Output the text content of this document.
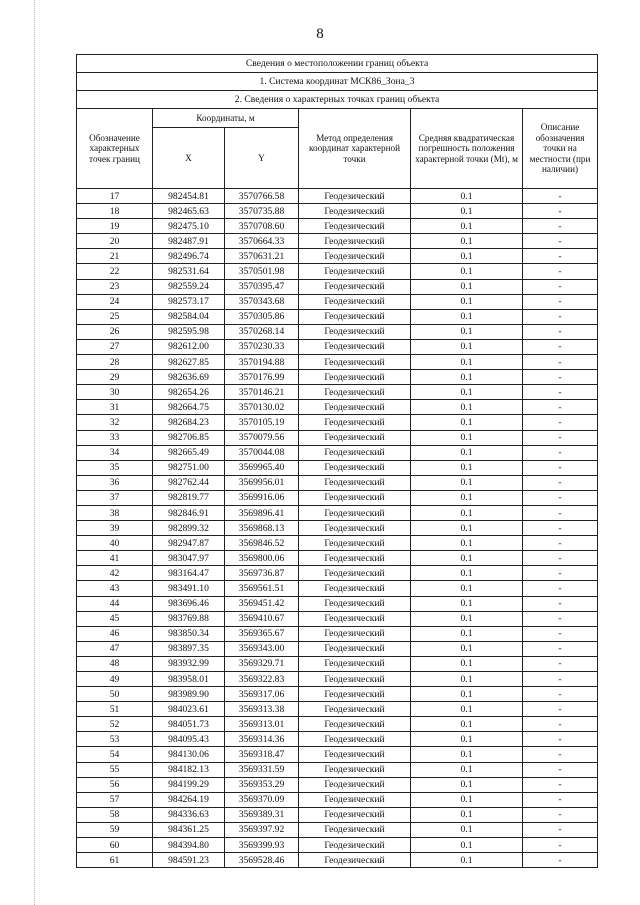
8
Сведения о местоположении границ объекта					
1. Система координат МСК86_Зона_3					
2. Сведения о характерных точках границ объекта					
Обозначение характерных точек границ	Координаты, м		Метод определения координат характерной точки	Средняя квадратическая погрешность положения характерной точки (Mt), м	Описание обозначения точки на местности (при наличии)
	X	Y			
17	982454.81	3570766.58	Геодезический	0.1	-
18	982465.63	3570735.88	Геодезический	0.1	-
19	982475.10	3570708.60	Геодезический	0.1	-
20	982487.91	3570664.33	Геодезический	0.1	-
21	982496.74	3570631.21	Геодезический	0.1	-
22	982531.64	3570501.98	Геодезический	0.1	-
23	982559.24	3570395.47	Геодезический	0.1	-
24	982573.17	3570343.68	Геодезический	0.1	-
25	982584.04	3570305.86	Геодезический	0.1	-
26	982595.98	3570268.14	Геодезический	0.1	-
27	982612.00	3570230.33	Геодезический	0.1	-
28	982627.85	3570194.88	Геодезический	0.1	-
29	982636.69	3570176.99	Геодезический	0.1	-
30	982654.26	3570146.21	Геодезический	0.1	-
31	982664.75	3570130.02	Геодезический	0.1	-
32	982684.23	3570105.19	Геодезический	0.1	-
33	982706.85	3570079.56	Геодезический	0.1	-
34	982665.49	3570044.08	Геодезический	0.1	-
35	982751.00	3569965.40	Геодезический	0.1	-
36	982762.44	3569956.01	Геодезический	0.1	-
37	982819.77	3569916.06	Геодезический	0.1	-
38	982846.91	3569896.41	Геодезический	0.1	-
39	982899.32	3569868.13	Геодезический	0.1	-
40	982947.87	3569846.52	Геодезический	0.1	-
41	983047.97	3569800.06	Геодезический	0.1	-
42	983164.47	3569736.87	Геодезический	0.1	-
43	983491.10	3569561.51	Геодезический	0.1	-
44	983696.46	3569451.42	Геодезический	0.1	-
45	983769.88	3569410.67	Геодезический	0.1	-
46	983850.34	3569365.67	Геодезический	0.1	-
47	983897.35	3569343.00	Геодезический	0.1	-
48	983932.99	3569329.71	Геодезический	0.1	-
49	983958.01	3569322.83	Геодезический	0.1	-
50	983989.90	3569317.06	Геодезический	0.1	-
51	984023.61	3569313.38	Геодезический	0.1	-
52	984051.73	3569313.01	Геодезический	0.1	-
53	984095.43	3569314.36	Геодезический	0.1	-
54	984130.06	3569318.47	Геодезический	0.1	-
55	984182.13	3569331.59	Геодезический	0.1	-
56	984199.29	3569353.29	Геодезический	0.1	-
57	984264.19	3569370.09	Геодезический	0.1	-
58	984336.63	3569389.31	Геодезический	0.1	-
59	984361.25	3569397.92	Геодезический	0.1	-
60	984394.80	3569399.93	Геодезический	0.1	-
61	984591.23	3569528.46	Геодезический	0.1	-
